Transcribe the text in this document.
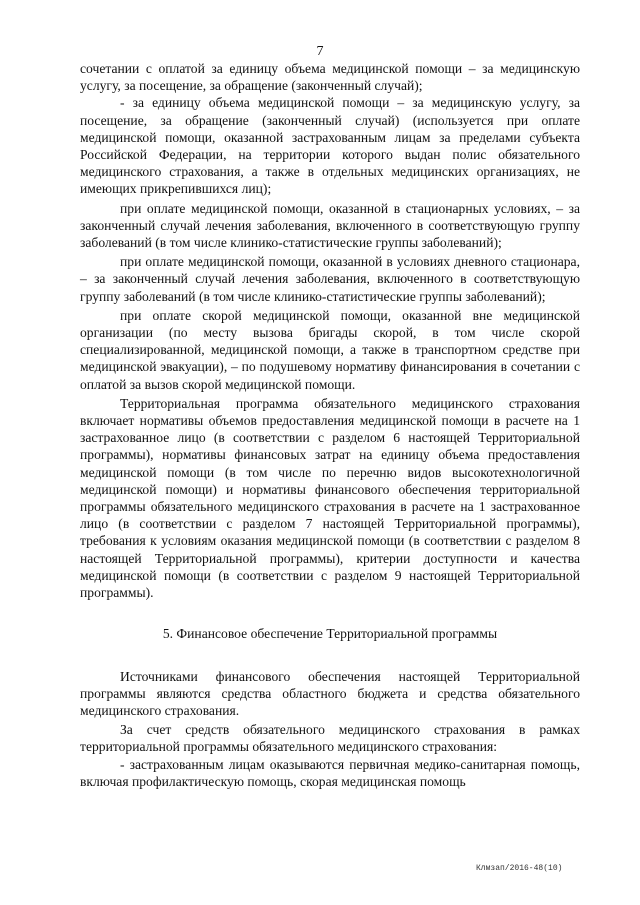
7

сочетании с оплатой за единицу объема медицинской помощи – за медицинскую услугу, за посещение, за обращение (законченный случай);

- за единицу объема медицинской помощи – за медицинскую услугу, за посещение, за обращение (законченный случай) (используется при оплате медицинской помощи, оказанной застрахованным лицам за пределами субъекта Российской Федерации, на территории которого выдан полис обязательного медицинского страхования, а также в отдельных медицинских организациях, не имеющих прикрепившихся лиц);

при оплате медицинской помощи, оказанной в стационарных условиях, – за законченный случай лечения заболевания, включенного в соответствующую группу заболеваний (в том числе клинико-статистические группы заболеваний);

при оплате медицинской помощи, оказанной в условиях дневного стационара, – за законченный случай лечения заболевания, включенного в соответствующую группу заболеваний (в том числе клинико-статистические группы заболеваний);

при оплате скорой медицинской помощи, оказанной вне медицинской организации (по месту вызова бригады скорой, в том числе скорой специализированной, медицинской помощи, а также в транспортном средстве при медицинской эвакуации), – по подушевому нормативу финансирования в сочетании с оплатой за вызов скорой медицинской помощи.

Территориальная программа обязательного медицинского страхования включает нормативы объемов предоставления медицинской помощи в расчете на 1 застрахованное лицо (в соответствии с разделом 6 настоящей Территориальной программы), нормативы финансовых затрат на единицу объема предоставления медицинской помощи (в том числе по перечню видов высокотехнологичной медицинской помощи) и нормативы финансового обеспечения территориальной программы обязательного медицинского страхования в расчете на 1 застрахованное лицо (в соответствии с разделом 7 настоящей Территориальной программы), требования к условиям оказания медицинской помощи (в соответствии с разделом 8 настоящей Территориальной программы), критерии доступности и качества медицинской помощи (в соответствии с разделом 9 настоящей Территориальной программы).

5. Финансовое обеспечение Территориальной программы

Источниками финансового обеспечения настоящей Территориальной программы являются средства областного бюджета и средства обязательного медицинского страхования.

За счет средств обязательного медицинского страхования в рамках территориальной программы обязательного медицинского страхования:

- застрахованным лицам оказываются первичная медико-санитарная помощь, включая профилактическую помощь, скорая медицинская помощь

Клмзап/2016-48(10)
